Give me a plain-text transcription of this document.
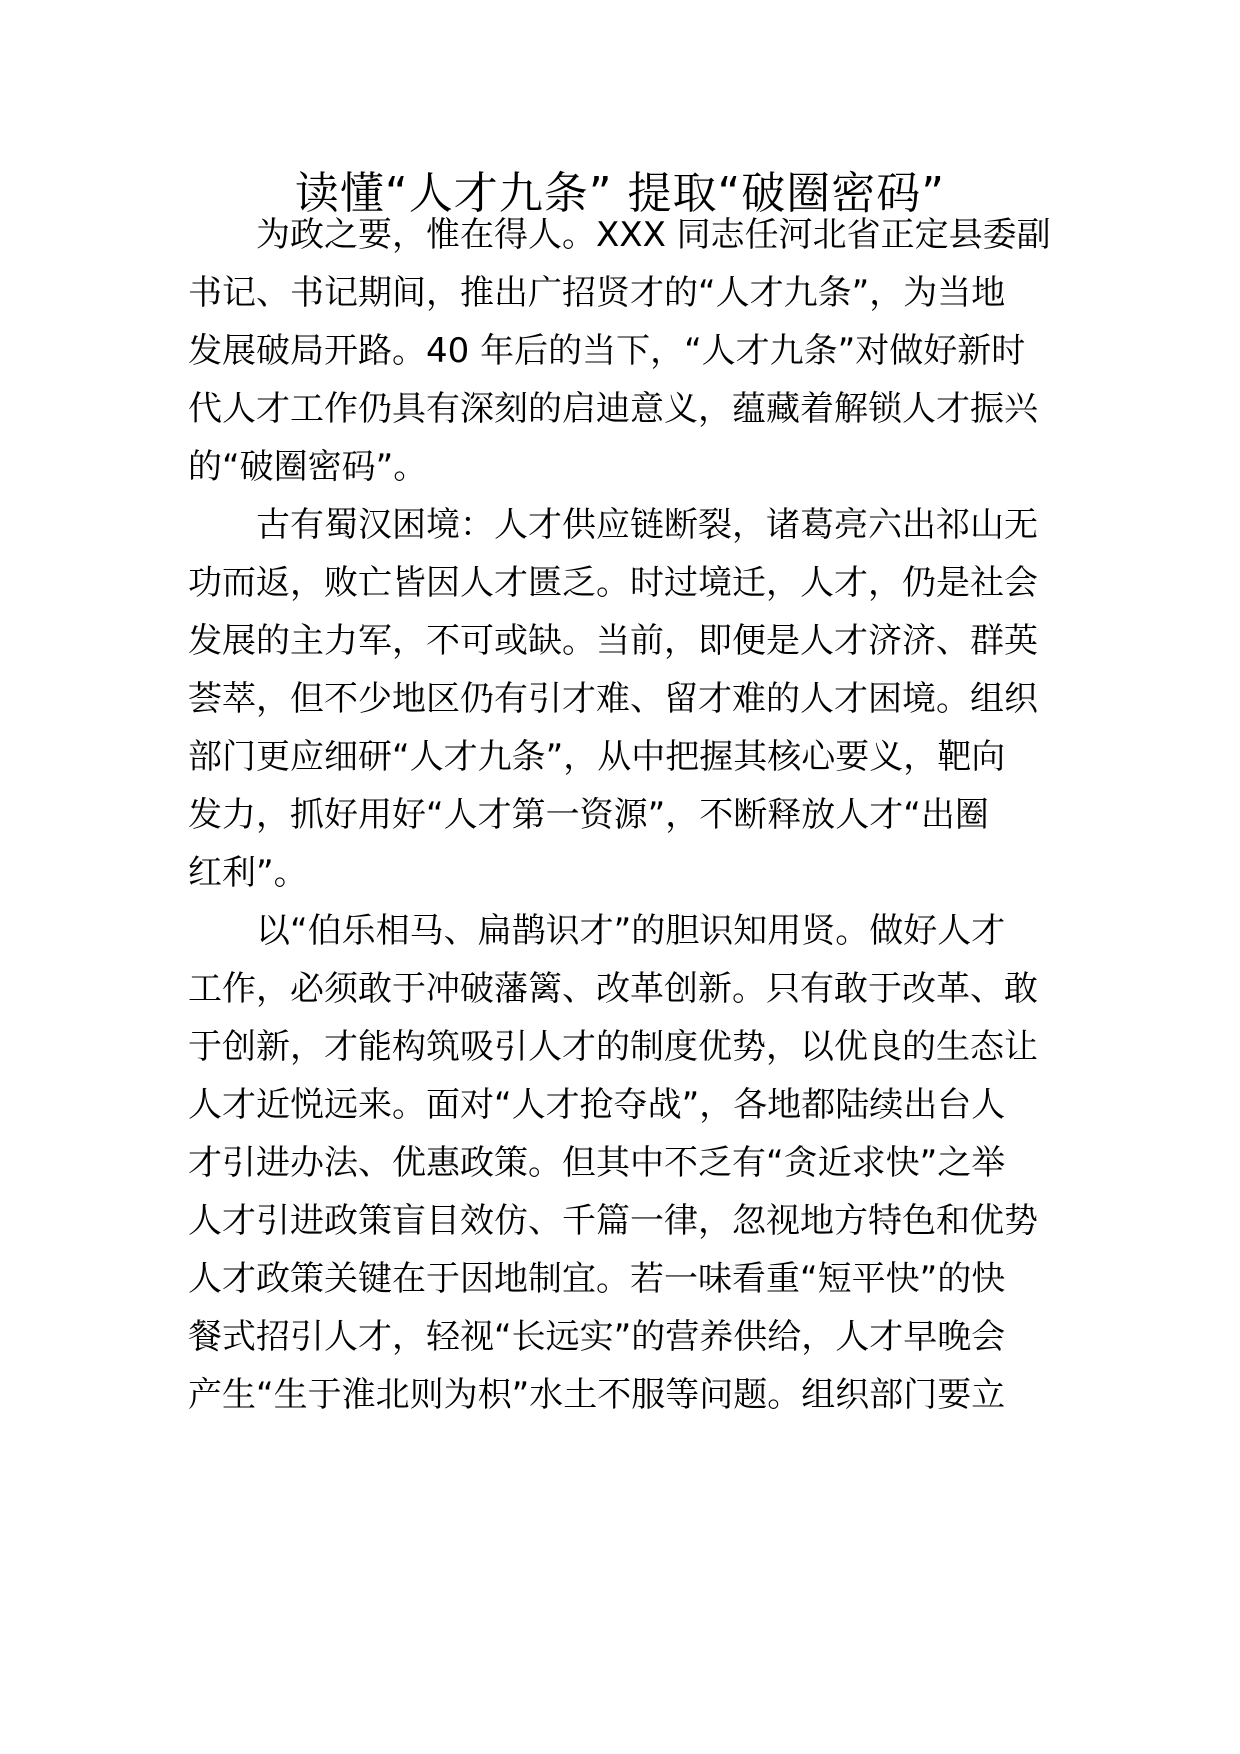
读懂“人才九条” 提取“破圈密码”
为政之要，惟在得人。XXX 同志任河北省正定县委副
书记、书记期间，推出广招贤才的“人才九条”，为当地
发展破局开路。40 年后的当下，“人才九条”对做好新时
代人才工作仍具有深刻的启迪意义，蕴藏着解锁人才振兴
的“破圈密码”。
古有蜀汉困境：人才供应链断裂，诸葛亮六出祁山无
功而返，败亡皆因人才匮乏。时过境迁，人才，仍是社会
发展的主力军，不可或缺。当前，即便是人才济济、群英
荟萃，但不少地区仍有引才难、留才难的人才困境。组织
部门更应细研“人才九条”，从中把握其核心要义，靶向
发力，抓好用好“人才第一资源”，不断释放人才“出圈
红利”。
以“伯乐相马、扁鹊识才”的胆识知用贤。做好人才
工作，必须敢于冲破藩篱、改革创新。只有敢于改革、敢
于创新，才能构筑吸引人才的制度优势，以优良的生态让
人才近悦远来。面对“人才抢夺战”，各地都陆续出台人
才引进办法、优惠政策。但其中不乏有“贪近求快”之举
人才引进政策盲目效仿、千篇一律，忽视地方特色和优势
人才政策关键在于因地制宜。若一味看重“短平快”的快
餐式招引人才，轻视“长远实”的营养供给，人才早晚会
产生“生于淮北则为枳”水土不服等问题。组织部门要立
